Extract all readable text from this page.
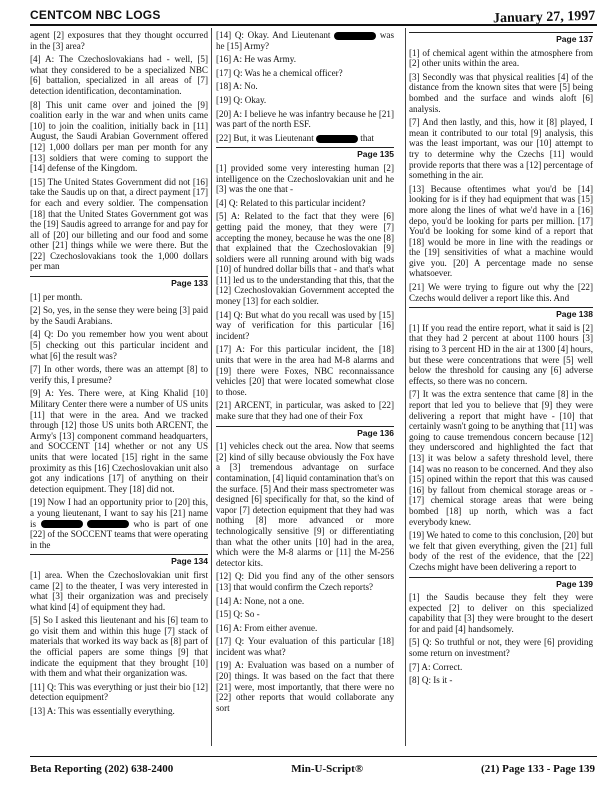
CENTCOM NBC LOGS	January 27, 1997

agent [2] exposures that they thought occurred in the [3] area?

[4] A: The Czechoslovakians had - well, [5] what they considered to be a specialized NBC [6] battalion, specialized in all areas of [7] detection identification, decontamination.

[8] This unit came over and joined the [9] coalition early in the war and when units came [10] to join the coalition, initially back in [11] August, the Saudi Arabian Government offered [12] 1,000 dollars per man per month for any [13] soldiers that were coming to support the [14] defense of the Kingdom.

[15] The United States Government did not [16] take the Saudis up on that, a direct payment [17] for each and every soldier. The compensation [18] that the United States Government got was the [19] Saudis agreed to arrange for and pay for all of [20] our billeting and our food and some other [21] things while we were there. But the [22] Czechoslovakians took the 1,000 dollars per man

Page 133

[1] per month.

[2] So, yes, in the sense they were being [3] paid by the Saudi Arabians.

[4] Q: Do you remember how you went about [5] checking out this particular incident and what [6] the result was?

[7] In other words, there was an attempt [8] to verify this, I presume?

[9] A: Yes. There were, at King Khalid [10] Military Center there were a number of US units [11] that were in the area. And we tracked through [12] those US units both ARCENT, the Army's [13] component command headquarters, and SOCCENT [14] whether or not any US units that were located [15] right in the same proximity as this [16] Czechoslovakian unit also got any indications [17] of anything on their detection equipment. They [18] did not.

[19] Now I had an opportunity prior to [20] this, a young lieutenant, I want to say his [21] name is	who is part of one [22] of the SOCCENT teams that were operating in the

Page 134

[1] area. When the Czechoslovakian unit first came [2] to the theater, I was very interested in what [3] their organization was and precisely what kind [4] of equipment they had.

[5] So I asked this lieutenant and his [6] team to go visit them and within this huge [7] stack of materials that worked its way back as [8] part of the official papers are some things [9] that indicate the equipment that they brought [10] with them and what their organization was.

[11] Q: This was everything or just their bio [12] detection equipment?

[13] A: This was essentially everything.

[14] Q: Okay. And Lieutenant	was he [15] Army?

[16] A: He was Army.

[17] Q: Was he a chemical officer?

[18] A: No.

[19] Q: Okay.

[20] A: I believe he was infantry because he [21] was part of the north ESF.

[22] But, it was Lieutenant	that

Page 135

[1] provided some very interesting human [2] intelligence on the Czechoslovakian unit and he [3] was the one that -

[4] Q: Related to this particular incident?

[5] A: Related to the fact that they were [6] getting paid the money, that they were [7] accepting the money, because he was the one [8] that explained that the Czechoslovakian [9] soldiers were all running around with big wads [10] of hundred dollar bills that - and that's what [11] led us to the understanding that this, that the [12] Czechoslovakian Government accepted the money [13] for each soldier.

[14] Q: But what do you recall was used by [15] way of verification for this particular [16] incident?

[17] A: For this particular incident, the [18] units that were in the area had M-8 alarms and [19] there were Foxes, NBC reconnaissance vehicles [20] that were located somewhat close to those.

[21] ARCENT, in particular, was asked to [22] make sure that they had one of their Fox

Page 136

[1] vehicles check out the area. Now that seems [2] kind of silly because obviously the Fox have a [3] tremendous advantage on surface contamination, [4] liquid contamination that's on the surface. [5] And their mass spectrometer was designed [6] specifically for that, so the kind of vapor [7] detection equipment that they had was nothing [8] more advanced or more technologically sensitive [9] or differentiating than what the other units [10] had in the area, which were the M-8 alarms or [11] the M-256 detector kits.

[12] Q: Did you find any of the other sensors [13] that would confirm the Czech reports?

[14] A: None, not a one.

[15] Q: So -

[16] A: From either avenue.

[17] Q: Your evaluation of this particular [18] incident was what?

[19] A: Evaluation was based on a number of [20] things. It was based on the fact that there [21] were, most importantly, that there were no [22] other reports that would collaborate any sort

Page 137

[1] of chemical agent within the atmosphere from [2] other units within the area.

[3] Secondly was that physical realities [4] of the distance from the known sites that were [5] being bombed and the surface and winds aloft [6] analysis.

[7] And then lastly, and this, how it [8] played, I mean it contributed to our total [9] analysis, this was the least important, was our [10] attempt to try to determine why the Czechs [11] would provide reports that there was a [12] percentage of something in the air.

[13] Because oftentimes what you'd be [14] looking for is if they had equipment that was [15] more along the lines of what we'd have in a [16] depo, you'd be looking for parts per million. [17] You'd be looking for some kind of a report that [18] would be more in line with the readings or the [19] sensitivities of what a machine would give you. [20] A percentage made no sense whatsoever.

[21] We were trying to figure out why the [22] Czechs would deliver a report like this. And

Page 138

[1] If you read the entire report, what it said is [2] that they had 2 percent at about 1100 hours [3] rising to 3 percent HD in the air at 1300 [4] hours, but these were concentrations that were [5] well below the threshold for causing any [6] adverse effects, so there was no concern.

[7] It was the extra sentence that came [8] in the report that led you to believe that [9] they were delivering a report that might have - [10] that certainly wasn't going to be anything that [11] was going to cause tremendous concern because [12] they underscored and highlighted the fact that [13] it was below a safety threshold level, there [14] was no reason to be concerned. And they also [15] opined within the report that this was caused [16] by fallout from chemical storage areas or - [17] chemical storage areas that were being bombed [18] up north, which was a fact everybody knew.

[19] We hated to come to this conclusion, [20] but we felt that given everything, given the [21] full body of the rest of the evidence, that the [22] Czechs might have been delivering a report to

Page 139

[1] the Saudis because they felt they were expected [2] to deliver on this specialized capability that [3] they were brought to the desert for and paid [4] handsomely.

[5] Q: So truthful or not, they were [6] providing some return on investment?

[7] A: Correct.

[8] Q: Is it -

Beta Reporting (202) 638-2400	Min-U-Script®	(21) Page 133 - Page 139
